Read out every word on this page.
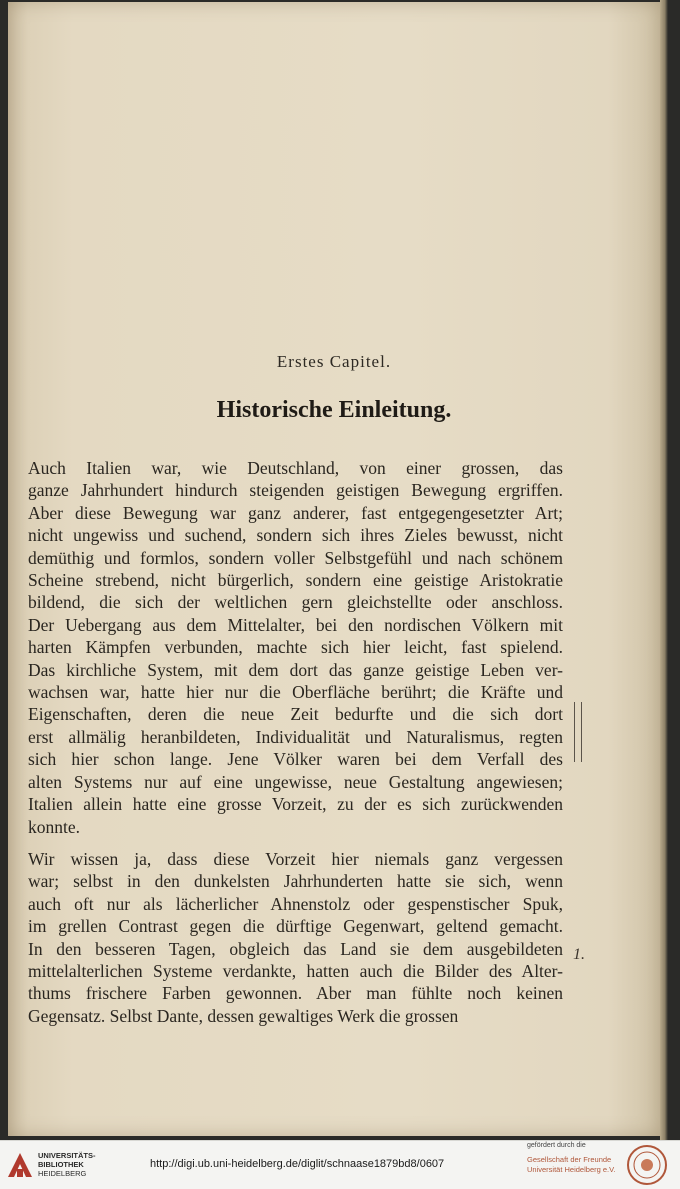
Erstes Capitel.
Historische Einleitung.
Auch Italien war, wie Deutschland, von einer grossen, das
ganze Jahrhundert hindurch steigenden geistigen Bewegung ergriffen.
Aber diese Bewegung war ganz anderer, fast entgegengesetzter Art;
nicht ungewiss und suchend, sondern sich ihres Zieles bewusst, nicht
demüthig und formlos, sondern voller Selbstgefühl und nach schönem
Scheine strebend, nicht bürgerlich, sondern eine geistige Aristokratie
bildend, die sich der weltlichen gern gleichstellte oder anschloss.
Der Uebergang aus dem Mittelalter, bei den nordischen Völkern mit
harten Kämpfen verbunden, machte sich hier leicht, fast spielend.
Das kirchliche System, mit dem dort das ganze geistige Leben ver-
wachsen war, hatte hier nur die Oberfläche berührt; die Kräfte und
Eigenschaften, deren die neue Zeit bedurfte und die sich dort
erst allmälig heranbildeten, Individualität und Naturalismus, regten
sich hier schon lange. Jene Völker waren bei dem Verfall des
alten Systems nur auf eine ungewisse, neue Gestaltung angewiesen;
Italien allein hatte eine grosse Vorzeit, zu der es sich zurückwenden
konnte.
Wir wissen ja, dass diese Vorzeit hier niemals ganz vergessen
war; selbst in den dunkelsten Jahrhunderten hatte sie sich, wenn
auch oft nur als lächerlicher Ahnenstolz oder gespenstischer Spuk,
im grellen Contrast gegen die dürftige Gegenwart, geltend gemacht.
In den besseren Tagen, obgleich das Land sie dem ausgebildeten
mittelalterlichen Systeme verdankte, hatten auch die Bilder des Alter-
thums frischere Farben gewonnen. Aber man fühlte noch keinen
Gegensatz. Selbst Dante, dessen gewaltiges Werk die grossen
1.
UNIVERSITÄTS-
BIBLIOTHEK
HEIDELBERG
http://digi.ub.uni-heidelberg.de/diglit/schnaase1879bd8/0607
gefördert durch die
Gesellschaft der Freunde
Universität Heidelberg e.V.
